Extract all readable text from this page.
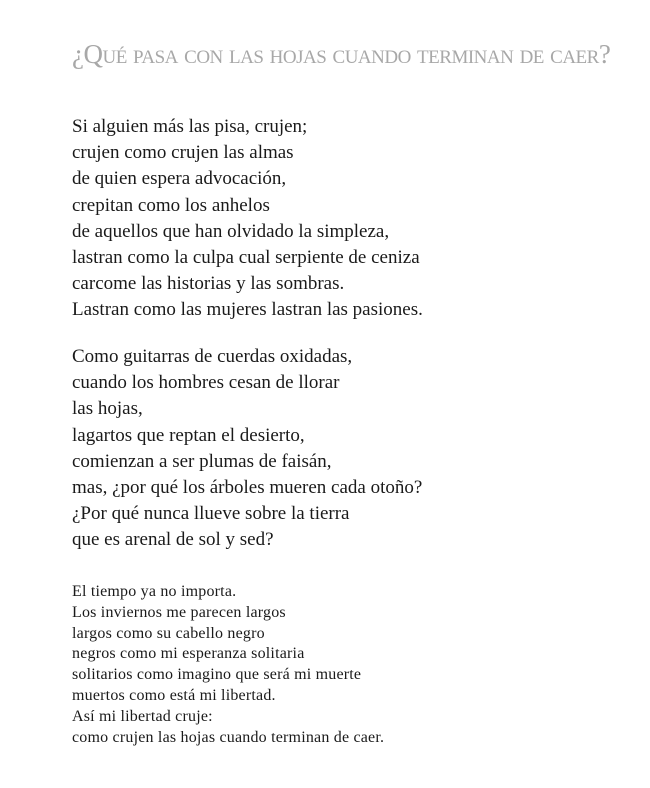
¿Qué pasa con las hojas cuando terminan de caer?
Si alguien más las pisa, crujen;
crujen como crujen las almas
de quien espera advocación,
crepitan como los anhelos
de aquellos que han olvidado la simpleza,
lastran como la culpa cual serpiente de ceniza
carcome las historias y las sombras.
Lastran como las mujeres lastran las pasiones.
Como guitarras de cuerdas oxidadas,
cuando los hombres cesan de llorar
las hojas,
lagartos que reptan el desierto,
comienzan a ser plumas de faisán,
mas, ¿por qué los árboles mueren cada otoño?
¿Por qué nunca llueve sobre la tierra
que es arenal de sol y sed?
El tiempo ya no importa.
Los inviernos me parecen largos
largos como su cabello negro
negros como mi esperanza solitaria
solitarios como imagino que será mi muerte
muertos como está mi libertad.
Así mi libertad cruje:
como crujen las hojas cuando terminan de caer.
